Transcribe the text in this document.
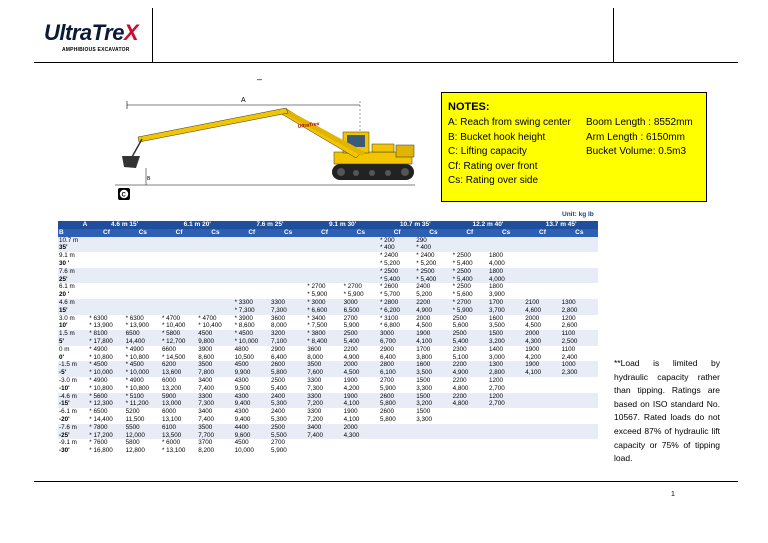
UltraTreX
AMPHIBIOUS EXCAVATOR
–
A
B
UltraTrex
C
NOTES:
A: Reach from swing center
B: Bucket hook height
C: Lifting capacity
Cf: Rating over front
Cs: Rating over side
Boom Length : 8552mm
Arm Length : 6150mm
Bucket Volume: 0.5m3
Unit: kg lb
A	4.6 m 15'		6.1 m 20'		7.6 m 25'		9.1 m 30'		10.7 m 35'		12.2 m 40'		13.7 m 45'	
B	Cf	Cs	Cf	Cs	Cf	Cs	Cf	Cs	Cf	Cs	Cf	Cs	Cf	Cs
10.7 m									* 200	290				
35'									* 400	* 400				
9.1 m									* 2400	* 2400	* 2500	1800		
30 '									* 5,200	* 5,200	* 5,400	4,000		
7.6 m									* 2500	* 2500	* 2500	1800		
25'									* 5,400	* 5,400	* 5,400	4,000		
6.1 m							* 2700	* 2700	* 2600	2400	* 2500	1800		
20 '							* 5,900	* 5,900	* 5,700	5,200	* 5,600	3,900		
4.6 m					* 3300	3300	* 3000	3000	* 2800	2200	* 2700	1700	2100	1300
15'					* 7,300	7,300	* 6,600	6,500	* 6,200	4,900	* 5,900	3,700	4,600	2,800
3.0 m	* 6300	* 6300	* 4700	* 4700	* 3900	3600	* 3400	2700	* 3100	2000	2500	1600	2000	1200
10'	* 13,900	* 13,900	* 10,400	* 10,400	* 8,600	8,000	* 7,500	5,900	* 6,800	4,500	5,600	3,500	4,500	2,600
1.5 m	* 8100	6500	* 5800	4500	* 4500	3200	* 3800	2500	3000	1900	2500	1500	2000	1100
5'	* 17,800	14,400	* 12,700	9,800	* 10,000	7,100	* 8,400	5,400	6,700	4,100	5,400	3,200	4,300	2,500
0 m	* 4900	* 4900	6600	3900	4800	2900	3600	2200	2900	1700	2300	1400	1900	1100
0'	* 10,800	* 10,800	* 14,500	8,600	10,500	6,400	8,000	4,900	6,400	3,800	5,100	3,000	4,200	2,400
-1.5 m	* 4500	* 4500	6200	3500	4500	2600	3500	2000	2800	1600	2200	1300	1900	1000
-5'	* 10,000	* 10,000	13,600	7,800	9,900	5,800	7,600	4,500	6,100	3,500	4,900	2,800	4,100	2,300
-3.0 m	* 4900	* 4900	6000	3400	4300	2500	3300	1900	2700	1500	2200	1200		
-10'	* 10,800	* 10,800	13,200	7,400	9,500	5,400	7,300	4,200	5,900	3,300	4,800	2,700		
-4.6 m	* 5600	* 5100	5900	3300	4300	2400	3300	1900	2600	1500	2200	1200		
-15'	* 12,300	* 11,200	13,000	7,300	9,400	5,300	7,200	4,100	5,800	3,200	4,800	2,700		
-6.1 m	* 6500	5200	6000	3400	4300	2400	3300	1900	2600	1500				
-20'	* 14,400	11,500	13,100	7,400	9,400	5,300	7,200	4,100	5,800	3,300				
-7.6 m	* 7800	5500	6100	3500	4400	2500	3400	2000						
-25'	* 17,200	12,000	13,500	7,700	9,600	5,500	7,400	4,300						
-9.1 m	* 7600	5800	* 6000	3700	4500	2700								
-30'	* 16,800	12,800	* 13,100	8,200	10,000	5,900								
**Load is limited by hydraulic capacity rather than tipping. Ratings are based on ISO standard No. 10567. Rated loads do not exceed 87% of hydraulic lift capacity or 75% of tipping load.
1
